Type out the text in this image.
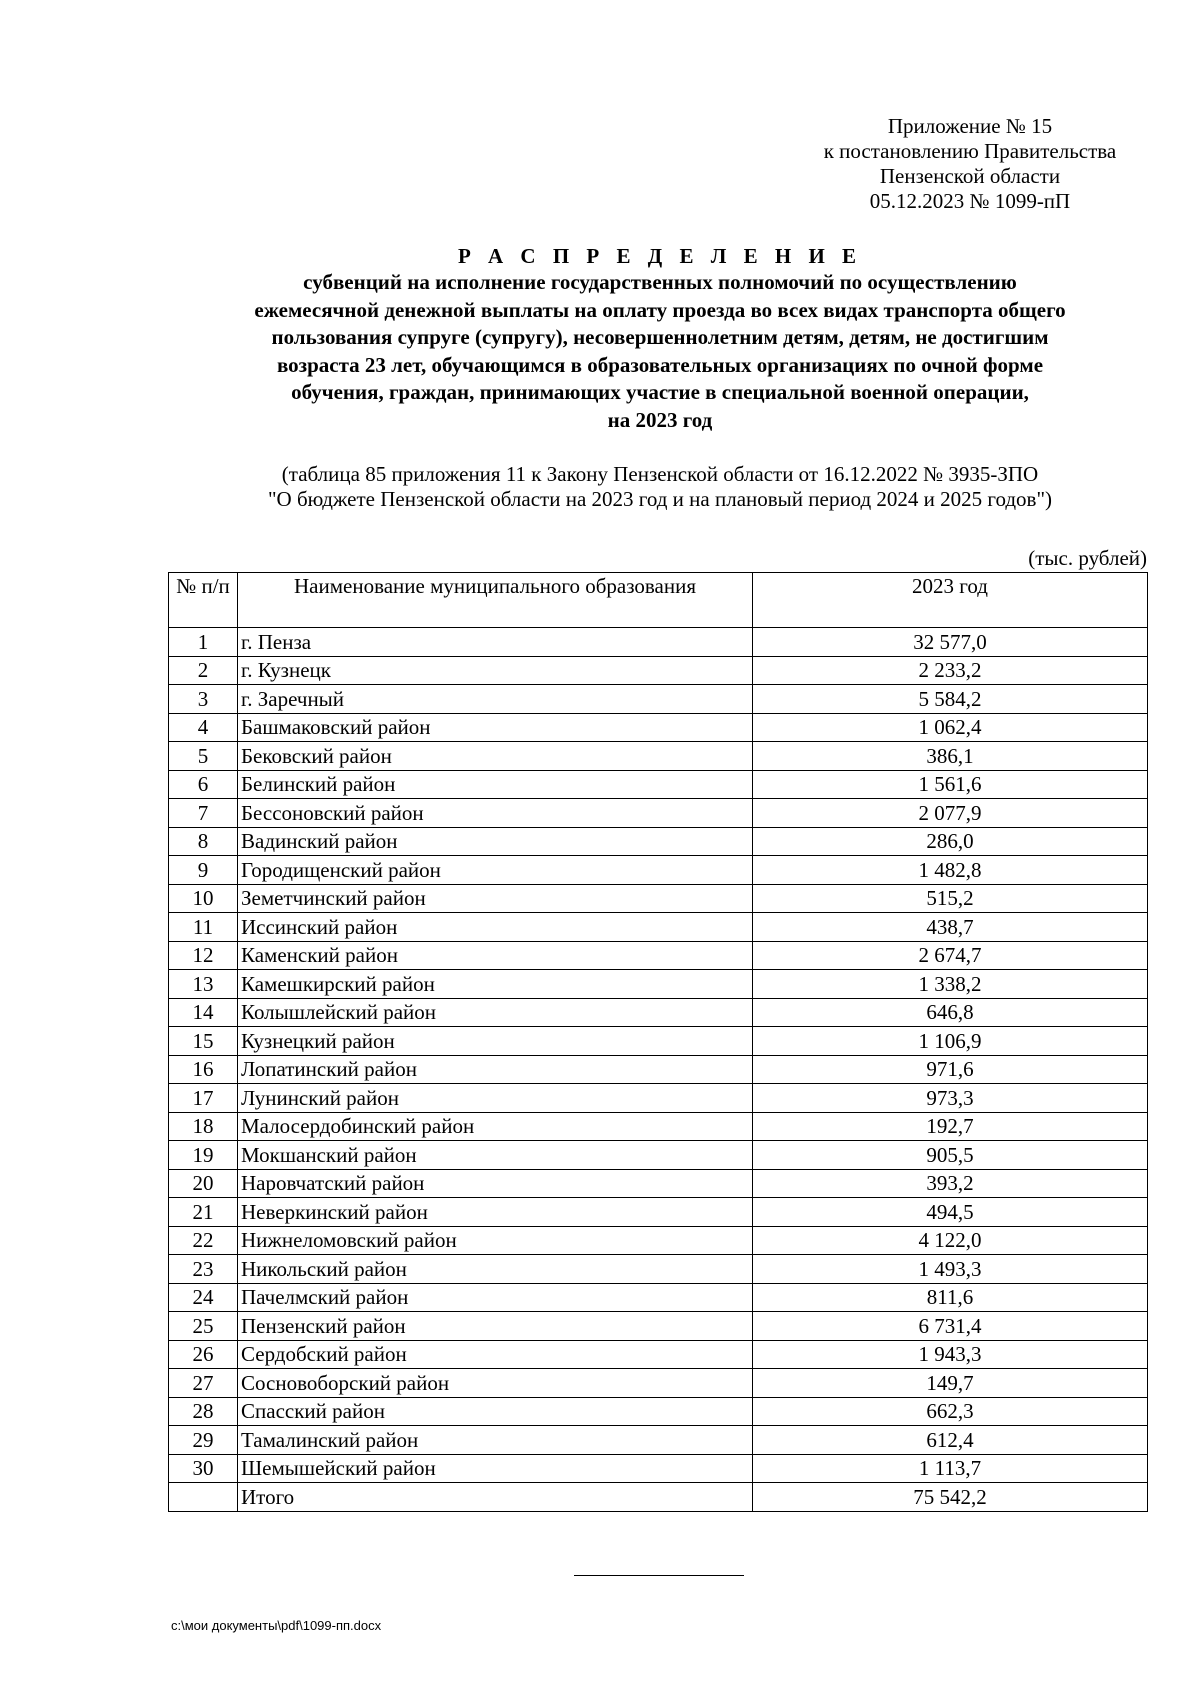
Приложение № 15
к постановлению Правительства
Пензенской области
05.12.2023 № 1099-пП
Р А С П Р Е Д Е Л Е Н И Е
субвенций на исполнение государственных полномочий по осуществлению
ежемесячной денежной выплаты на оплату проезда во всех видах транспорта общего
пользования супруге (супругу), несовершеннолетним детям, детям, не достигшим
возраста 23 лет, обучающимся в образовательных организациях по очной форме
обучения, граждан, принимающих участие в специальной военной операции,
на 2023 год
(таблица 85 приложения 11 к Закону Пензенской области от 16.12.2022 № 3935-ЗПО
"О бюджете Пензенской области на 2023 год и на плановый период 2024 и 2025 годов")
(тыс. рублей)
№ п/п	Наименование муниципального образования	2023 год
1	г. Пенза	32 577,0
2	г. Кузнецк	2 233,2
3	г. Заречный	5 584,2
4	Башмаковский район	1 062,4
5	Бековский район	386,1
6	Белинский район	1 561,6
7	Бессоновский район	2 077,9
8	Вадинский район	286,0
9	Городищенский район	1 482,8
10	Земетчинский район	515,2
11	Иссинский район	438,7
12	Каменский район	2 674,7
13	Камешкирский район	1 338,2
14	Колышлейский район	646,8
15	Кузнецкий район	1 106,9
16	Лопатинский район	971,6
17	Лунинский район	973,3
18	Малосердобинский район	192,7
19	Мокшанский район	905,5
20	Наровчатский район	393,2
21	Неверкинский район	494,5
22	Нижнеломовский район	4 122,0
23	Никольский район	1 493,3
24	Пачелмский район	811,6
25	Пензенский район	6 731,4
26	Сердобский район	1 943,3
27	Сосновоборский район	149,7
28	Спасский район	662,3
29	Тамалинский район	612,4
30	Шемышейский район	1 113,7
	Итого	75 542,2
c:\мои документы\pdf\1099-пп.docx
